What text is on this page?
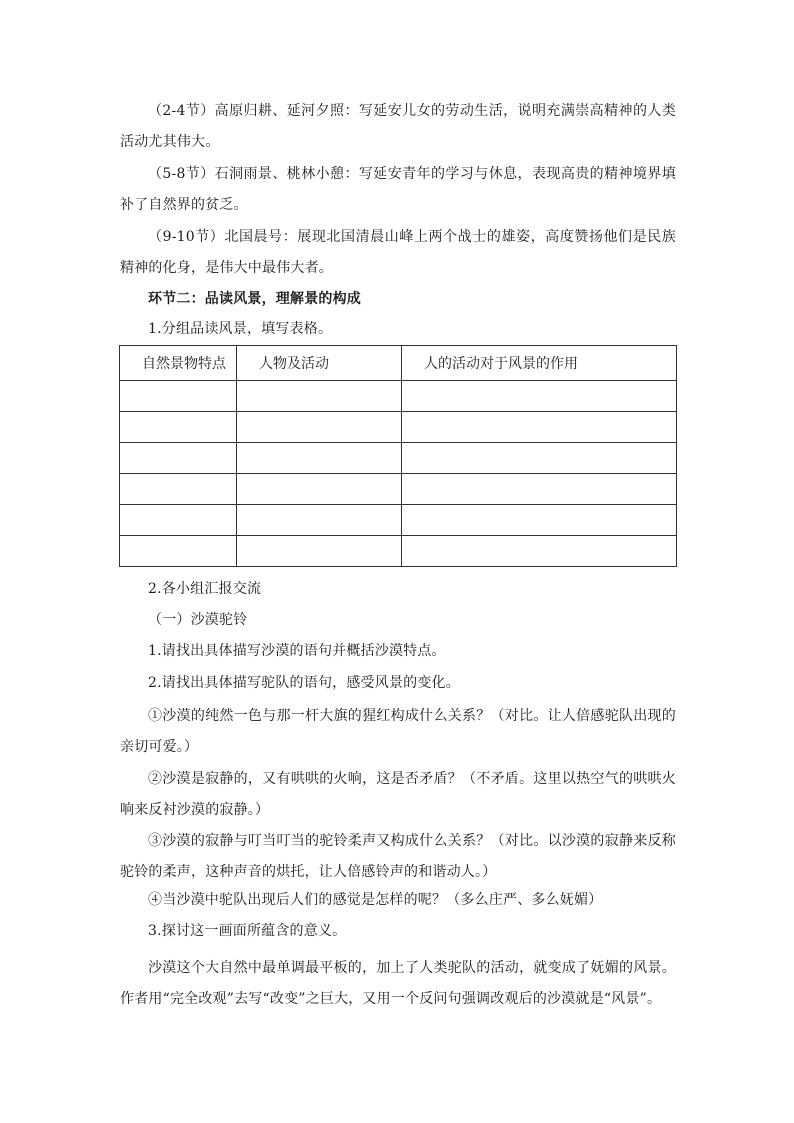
（2-4节）高原归耕、延河夕照：写延安儿女的劳动生活，说明充满崇高精神的人类活动尤其伟大。

（5-8节）石洞雨景、桃林小憩：写延安青年的学习与休息，表现高贵的精神境界填补了自然界的贫乏。

（9-10节）北国晨号：展现北国清晨山峰上两个战士的雄姿，高度赞扬他们是民族精神的化身，是伟大中最伟大者。

环节二：品读风景，理解景的构成

1.分组品读风景，填写表格。

自然景物特点	人物及活动	人的活动对于风景的作用

2.各小组汇报交流

（一）沙漠驼铃

1.请找出具体描写沙漠的语句并概括沙漠特点。

2.请找出具体描写驼队的语句，感受风景的变化。

①沙漠的纯然一色与那一杆大旗的猩红构成什么关系？（对比。让人倍感驼队出现的亲切可爱。）

②沙漠是寂静的，又有哄哄的火响，这是否矛盾？（不矛盾。这里以热空气的哄哄火响来反衬沙漠的寂静。）

③沙漠的寂静与叮当叮当的驼铃柔声又构成什么关系？（对比。以沙漠的寂静来反称驼铃的柔声，这种声音的烘托，让人倍感铃声的和谐动人。）

④当沙漠中驼队出现后人们的感觉是怎样的呢？（多么庄严、多么妩媚）

3.探讨这一画面所蕴含的意义。

沙漠这个大自然中最单调最平板的，加上了人类驼队的活动，就变成了妩媚的风景。作者用“完全改观”去写“改变”之巨大，又用一个反问句强调改观后的沙漠就是“风景”。
